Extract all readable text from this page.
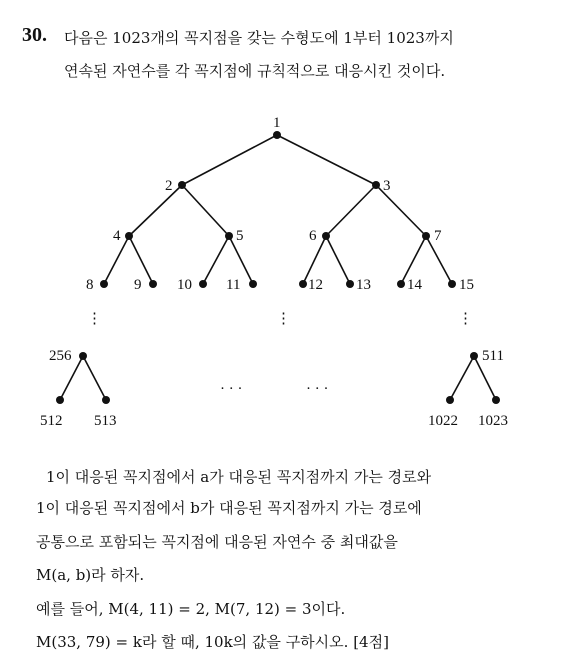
30. 다음은 1023개의 꼭지점을 갖는 수형도에 1부터 1023까지
연속된 자연수를 각 꼭지점에 규칙적으로 대응시킨 것이다.
1
2	3
4	5	6	7
8	9 10 11	12 13 14 15
256	511
512 513	1022 1023
⋮	⋮	⋮
· · ·	· · ·
1이 대응된 꼭지점에서 a가 대응된 꼭지점까지 가는 경로와
1이 대응된 꼭지점에서 b가 대응된 꼭지점까지 가는 경로에
공통으로 포함되는 꼭지점에 대응된 자연수 중 최대값을
M(a, b)라 하자.
예를 들어, M(4, 11) = 2, M(7, 12) = 3이다.
M(33, 79) = k라 할 때, 10k의 값을 구하시오. [4점]
